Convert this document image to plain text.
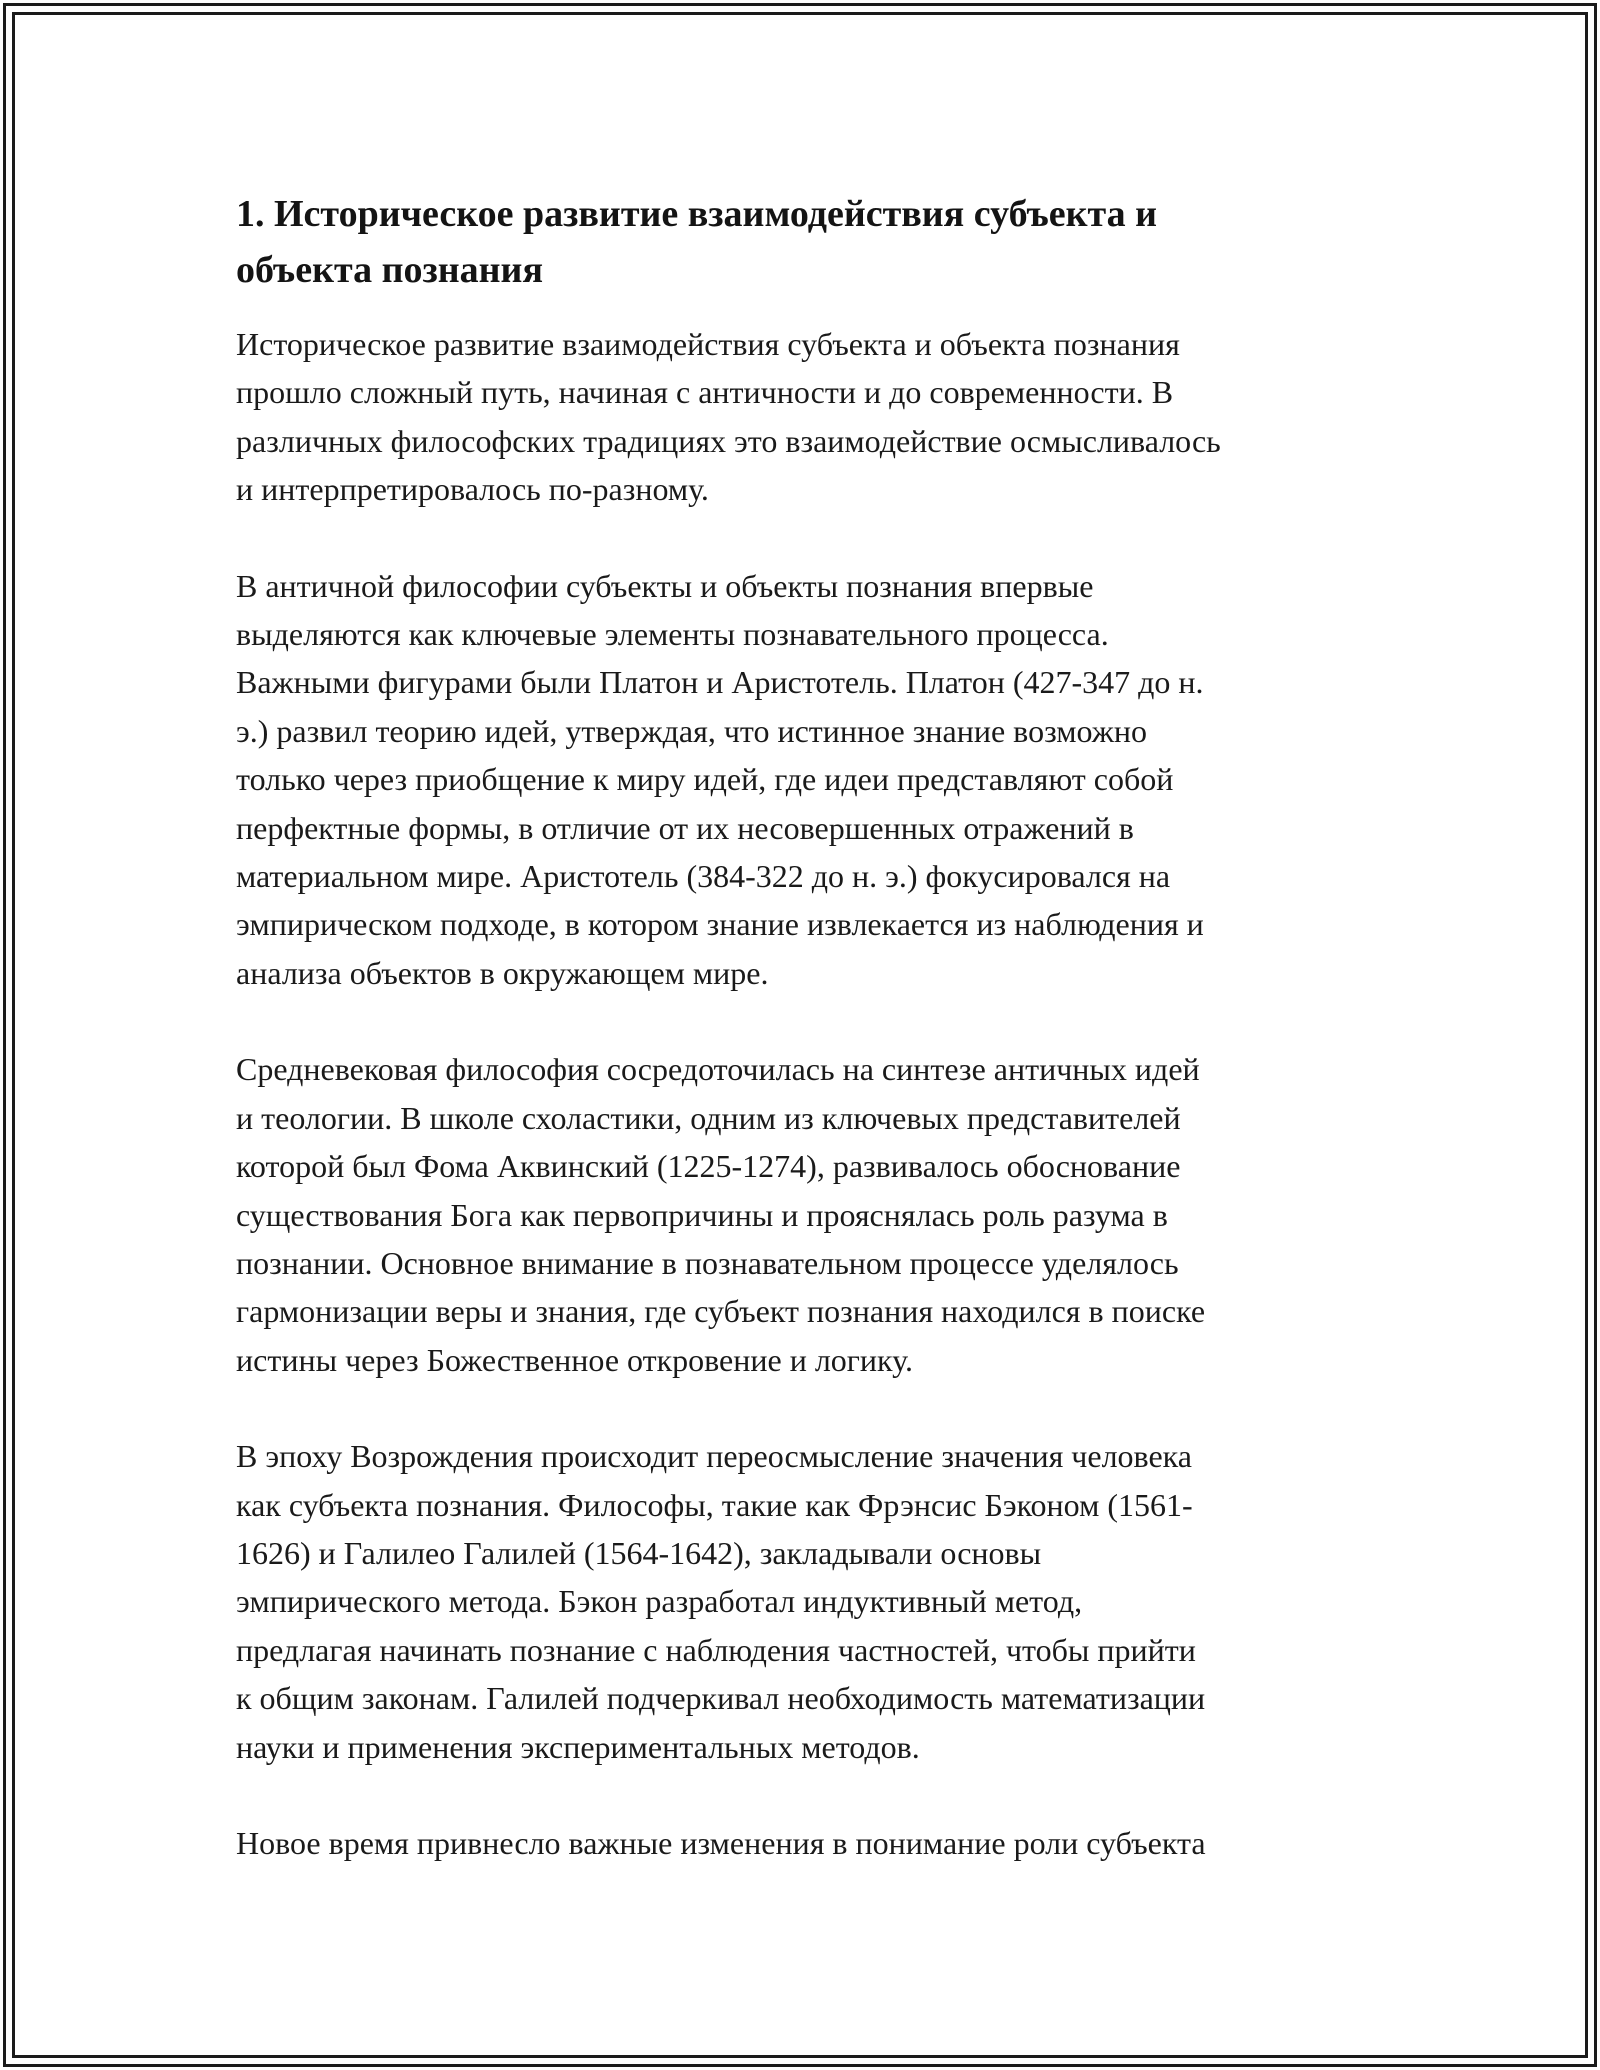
1. Историческое развитие взаимодействия субъекта и
объекта познания
Историческое развитие взаимодействия субъекта и объекта познания
прошло сложный путь, начиная с античности и до современности. В
различных философских традициях это взаимодействие осмысливалось
и интерпретировалось по-разному.
В античной философии субъекты и объекты познания впервые
выделяются как ключевые элементы познавательного процесса.
Важными фигурами были Платон и Аристотель. Платон (427-347 до н.
э.) развил теорию идей, утверждая, что истинное знание возможно
только через приобщение к миру идей, где идеи представляют собой
перфектные формы, в отличие от их несовершенных отражений в
материальном мире. Аристотель (384-322 до н. э.) фокусировался на
эмпирическом подходе, в котором знание извлекается из наблюдения и
анализа объектов в окружающем мире.
Средневековая философия сосредоточилась на синтезе античных идей
и теологии. В школе схоластики, одним из ключевых представителей
которой был Фома Аквинский (1225-1274), развивалось обоснование
существования Бога как первопричины и прояснялась роль разума в
познании. Основное внимание в познавательном процессе уделялось
гармонизации веры и знания, где субъект познания находился в поиске
истины через Божественное откровение и логику.
В эпоху Возрождения происходит переосмысление значения человека
как субъекта познания. Философы, такие как Фрэнсис Бэконом (1561-
1626) и Галилео Галилей (1564-1642), закладывали основы
эмпирического метода. Бэкон разработал индуктивный метод,
предлагая начинать познание с наблюдения частностей, чтобы прийти
к общим законам. Галилей подчеркивал необходимость математизации
науки и применения экспериментальных методов.
Новое время привнесло важные изменения в понимание роли субъекта
